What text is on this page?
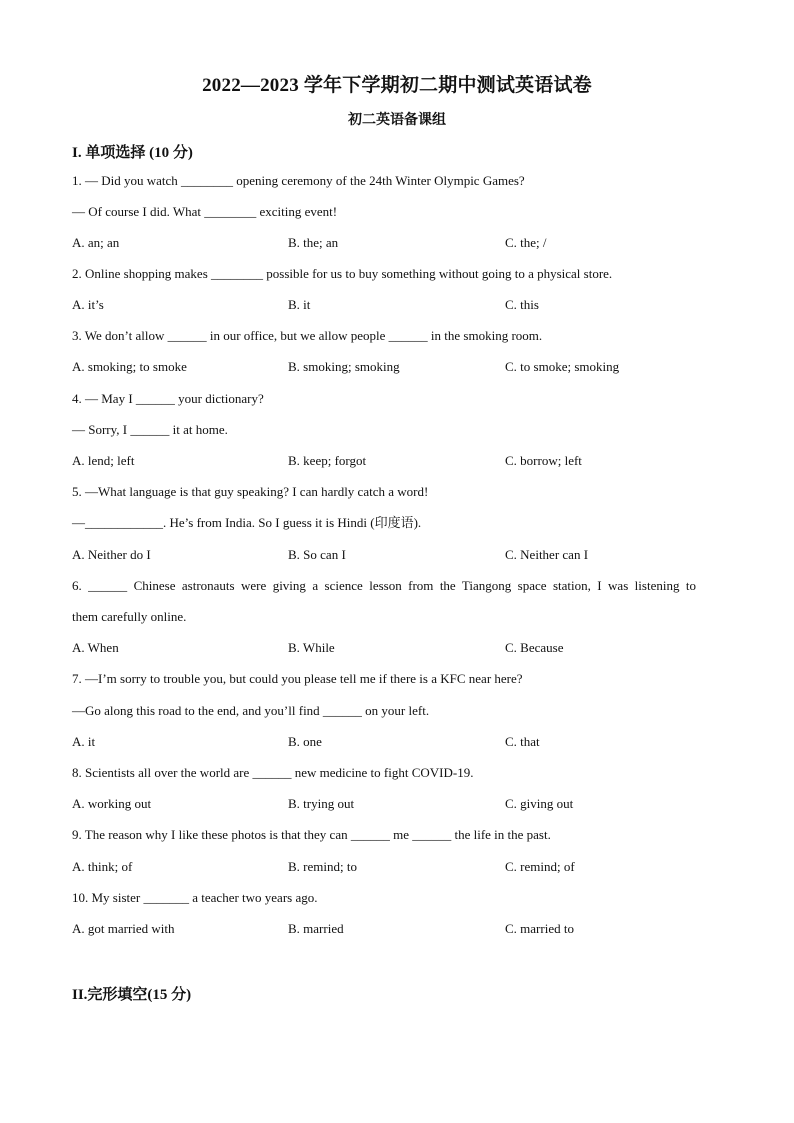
2022—2023 学年下学期初二期中测试英语试卷
初二英语备课组
I. 单项选择 (10 分)
1. — Did you watch ________ opening ceremony of the 24th Winter Olympic Games?
— Of course I did. What ________ exciting event!
A. an; an	B. the; an	C. the; /
2. Online shopping makes ________ possible for us to buy something without going to a physical store.
A. it’s	B. it	C. this
3. We don’t allow ______ in our office, but we allow people ______ in the smoking room.
A. smoking; to smoke	B. smoking; smoking	C. to smoke; smoking
4. — May I ______ your dictionary?
— Sorry, I ______ it at home.
A. lend; left	B. keep; forgot	C. borrow; left
5. —What language is that guy speaking? I can hardly catch a word!
—____________. He’s from India. So I guess it is Hindi (印度语).
A. Neither do I	B. So can I	C. Neither can I
6. ______ Chinese astronauts were giving a science lesson from the Tiangong space station, I was listening to
them carefully online.
A. When	B. While	C. Because
7. —I’m sorry to trouble you, but could you please tell me if there is a KFC near here?
—Go along this road to the end, and you’ll find ______ on your left.
A. it	B. one	C. that
8. Scientists all over the world are ______ new medicine to fight COVID-19.
A. working out	B. trying out	C. giving out
9. The reason why I like these photos is that they can ______ me ______ the life in the past.
A. think; of	B. remind; to	C. remind; of
10. My sister _______ a teacher two years ago.
A. got married with	B. married	C. married to
II.完形填空(15 分)
